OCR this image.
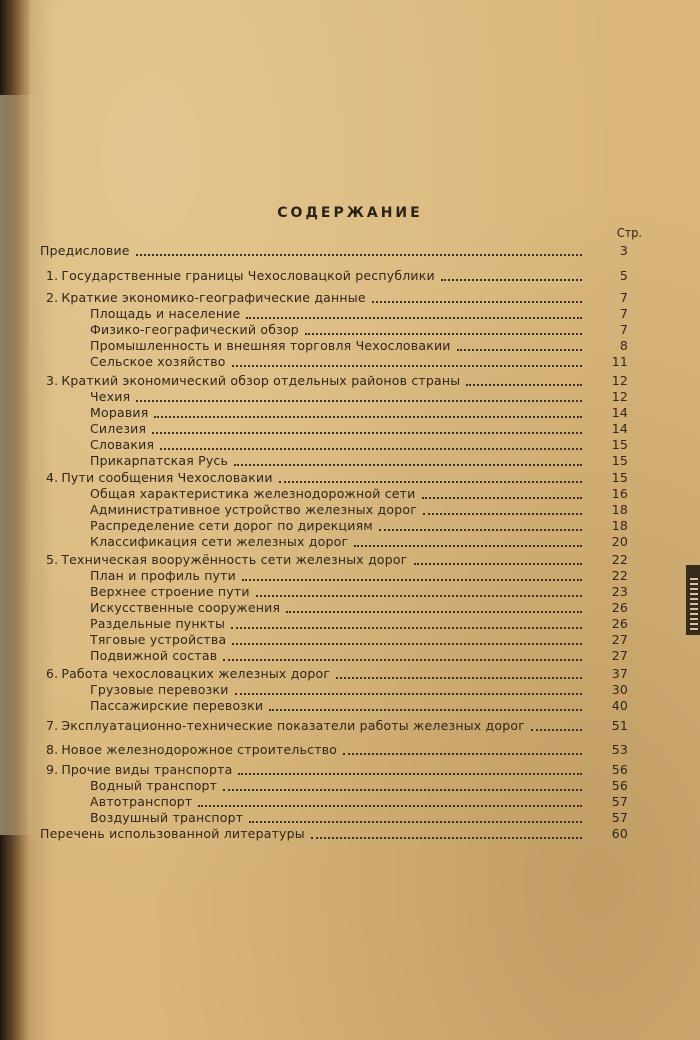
СОДЕРЖАНИЕ
Стр.
Предисловие	3
1. Государственные границы Чехословацкой республики	5
2. Краткие экономико-географические данные	7
Площадь и население	7
Физико-географический обзор	7
Промышленность и внешняя торговля Чехословакии	8
Сельское хозяйство	11
3. Краткий экономический обзор отдельных районов страны	12
Чехия	12
Моравия	14
Силезия	14
Словакия	15
Прикарпатская Русь	15
4. Пути сообщения Чехословакии	15
Общая характеристика железнодорожной сети	16
Административное устройство железных дорог	18
Распределение сети дорог по дирекциям	18
Классификация сети железных дорог	20
5. Техническая вооружённость сети железных дорог	22
План и профиль пути	22
Верхнее строение пути	23
Искусственные сооружения	26
Раздельные пункты	26
Тяговые устройства	27
Подвижной состав	27
6. Работа чехословацких железных дорог	37
Грузовые перевозки	30
Пассажирские перевозки	40
7. Эксплуатационно-технические показатели работы железных дорог	51
8. Новое железнодорожное строительство	53
9. Прочие виды транспорта	56
Водный транспорт	56
Автотранспорт	57
Воздушный транспорт	57
Перечень использованной литературы	60
